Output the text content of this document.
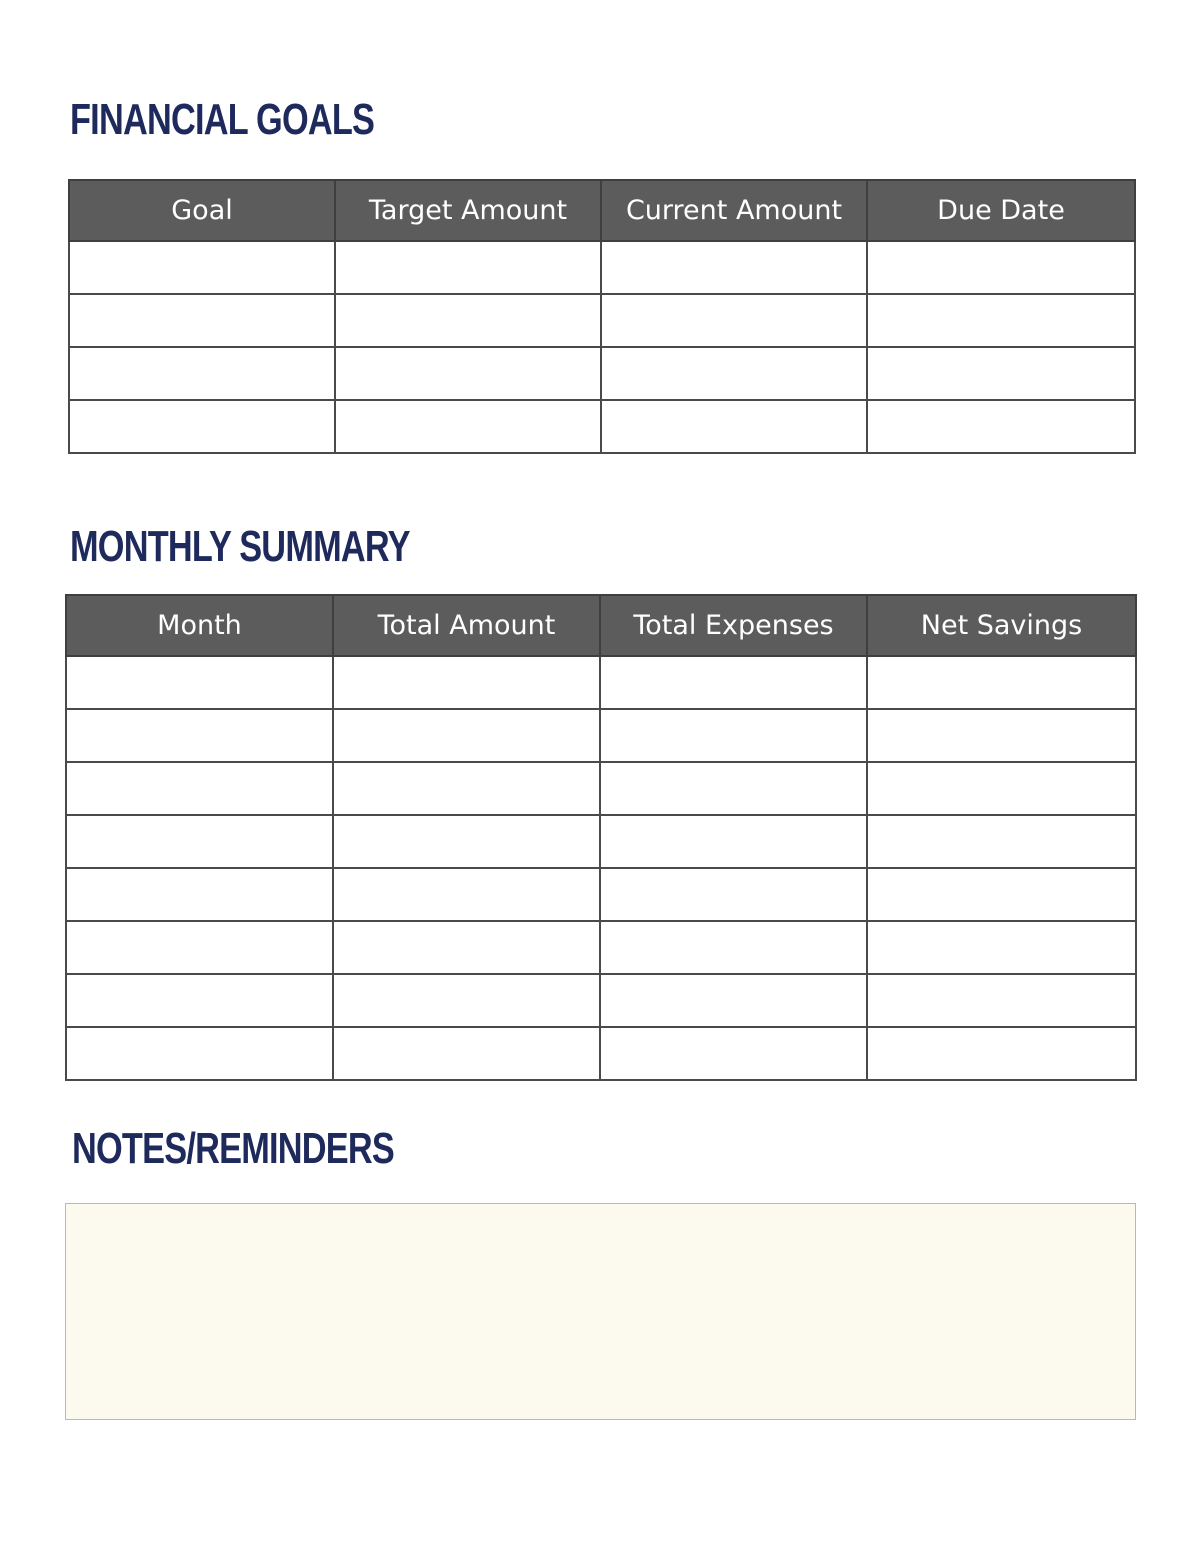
FINANCIAL GOALS
Goal	Target Amount	Current Amount	Due Date

MONTHLY SUMMARY
Month	Total Amount	Total Expenses	Net Savings

NOTES/REMINDERS
